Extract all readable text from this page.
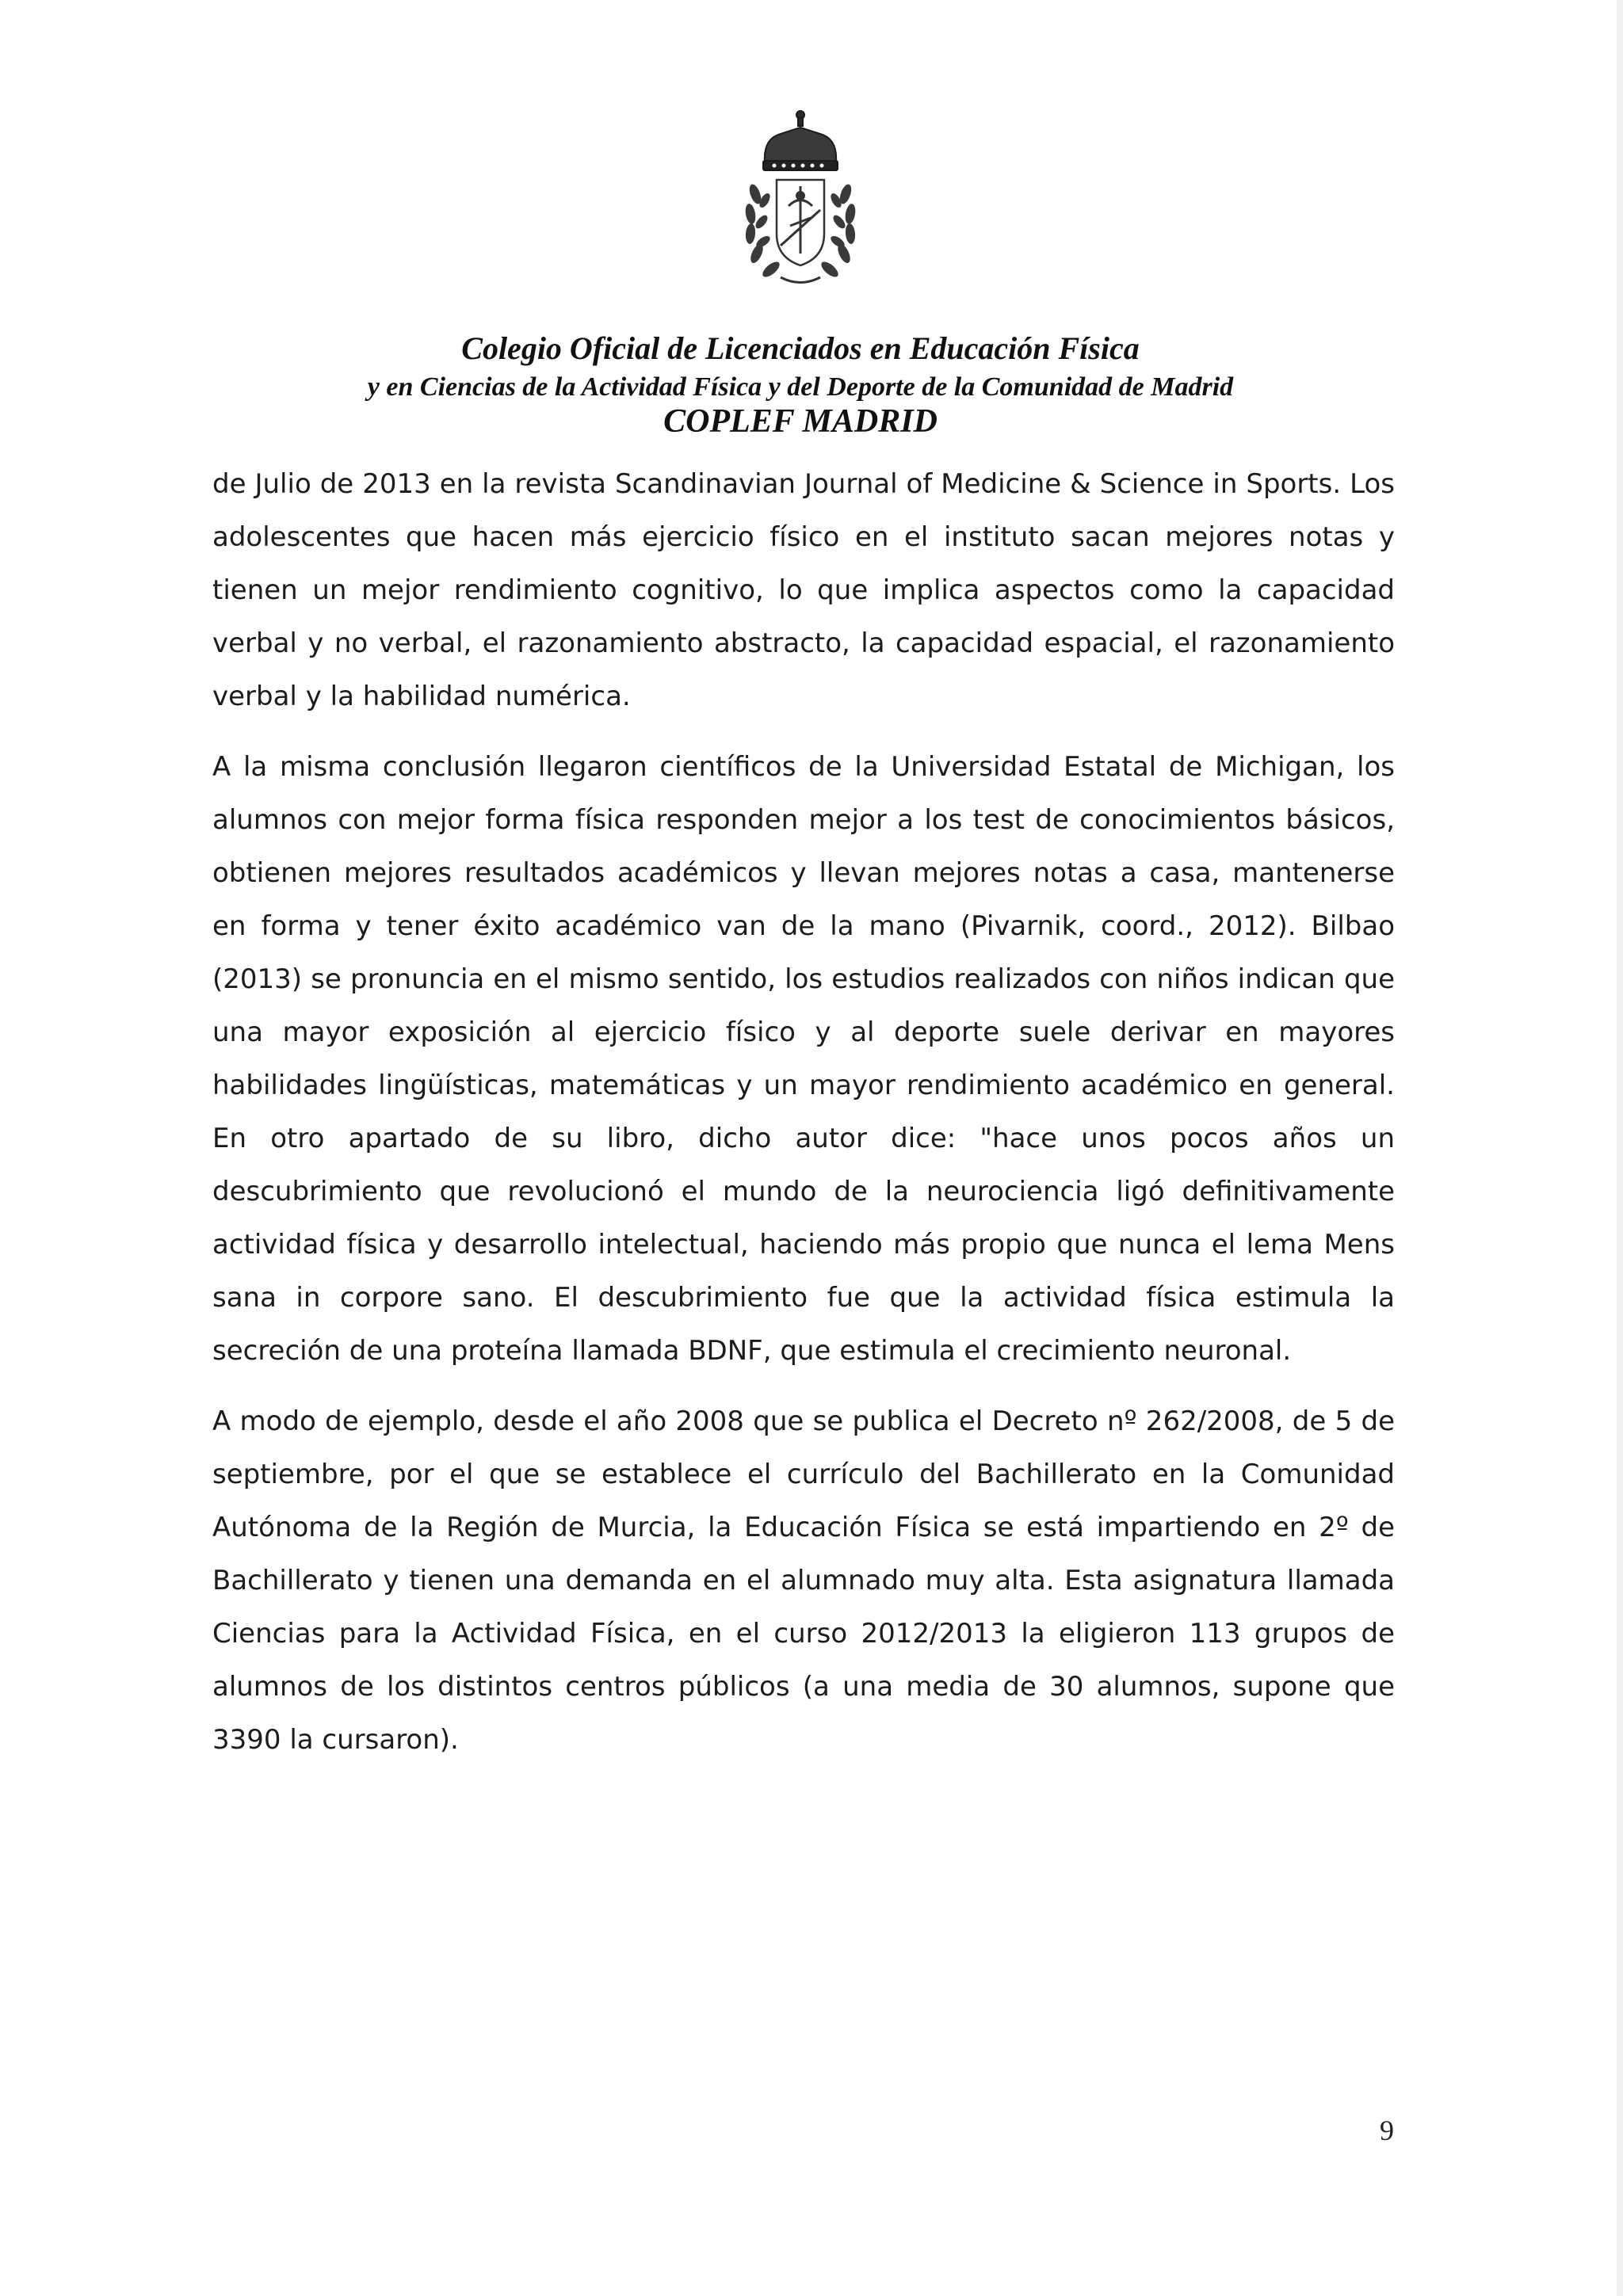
Colegio Oficial de Licenciados en Educación Física
y en Ciencias de la Actividad Física y del Deporte de la Comunidad de Madrid
COPLEF MADRID

de Julio de 2013 en la revista Scandinavian Journal of Medicine & Science in Sports. Los adolescentes que hacen más ejercicio físico en el instituto sacan mejores notas y tienen un mejor rendimiento cognitivo, lo que implica aspectos como la capacidad verbal y no verbal, el razonamiento abstracto, la capacidad espacial, el razonamiento verbal y la habilidad numérica.

A la misma conclusión llegaron científicos de la Universidad Estatal de Michigan, los alumnos con mejor forma física responden mejor a los test de conocimientos básicos, obtienen mejores resultados académicos y llevan mejores notas a casa, mantenerse en forma y tener éxito académico van de la mano (Pivarnik, coord., 2012). Bilbao (2013) se pronuncia en el mismo sentido, los estudios realizados con niños indican que una mayor exposición al ejercicio físico y al deporte suele derivar en mayores habilidades lingüísticas, matemáticas y un mayor rendimiento académico en general. En otro apartado de su libro, dicho autor dice: "hace unos pocos años un descubrimiento que revolucionó el mundo de la neurociencia ligó definitivamente actividad física y desarrollo intelectual, haciendo más propio que nunca el lema Mens sana in corpore sano. El descubrimiento fue que la actividad física estimula la secreción de una proteína llamada BDNF, que estimula el crecimiento neuronal.

A modo de ejemplo, desde el año 2008 que se publica el Decreto nº 262/2008, de 5 de septiembre, por el que se establece el currículo del Bachillerato en la Comunidad Autónoma de la Región de Murcia, la Educación Física se está impartiendo en 2º de Bachillerato y tienen una demanda en el alumnado muy alta. Esta asignatura llamada Ciencias para la Actividad Física, en el curso 2012/2013 la eligieron 113 grupos de alumnos de los distintos centros públicos (a una media de 30 alumnos, supone que 3390 la cursaron).

9
